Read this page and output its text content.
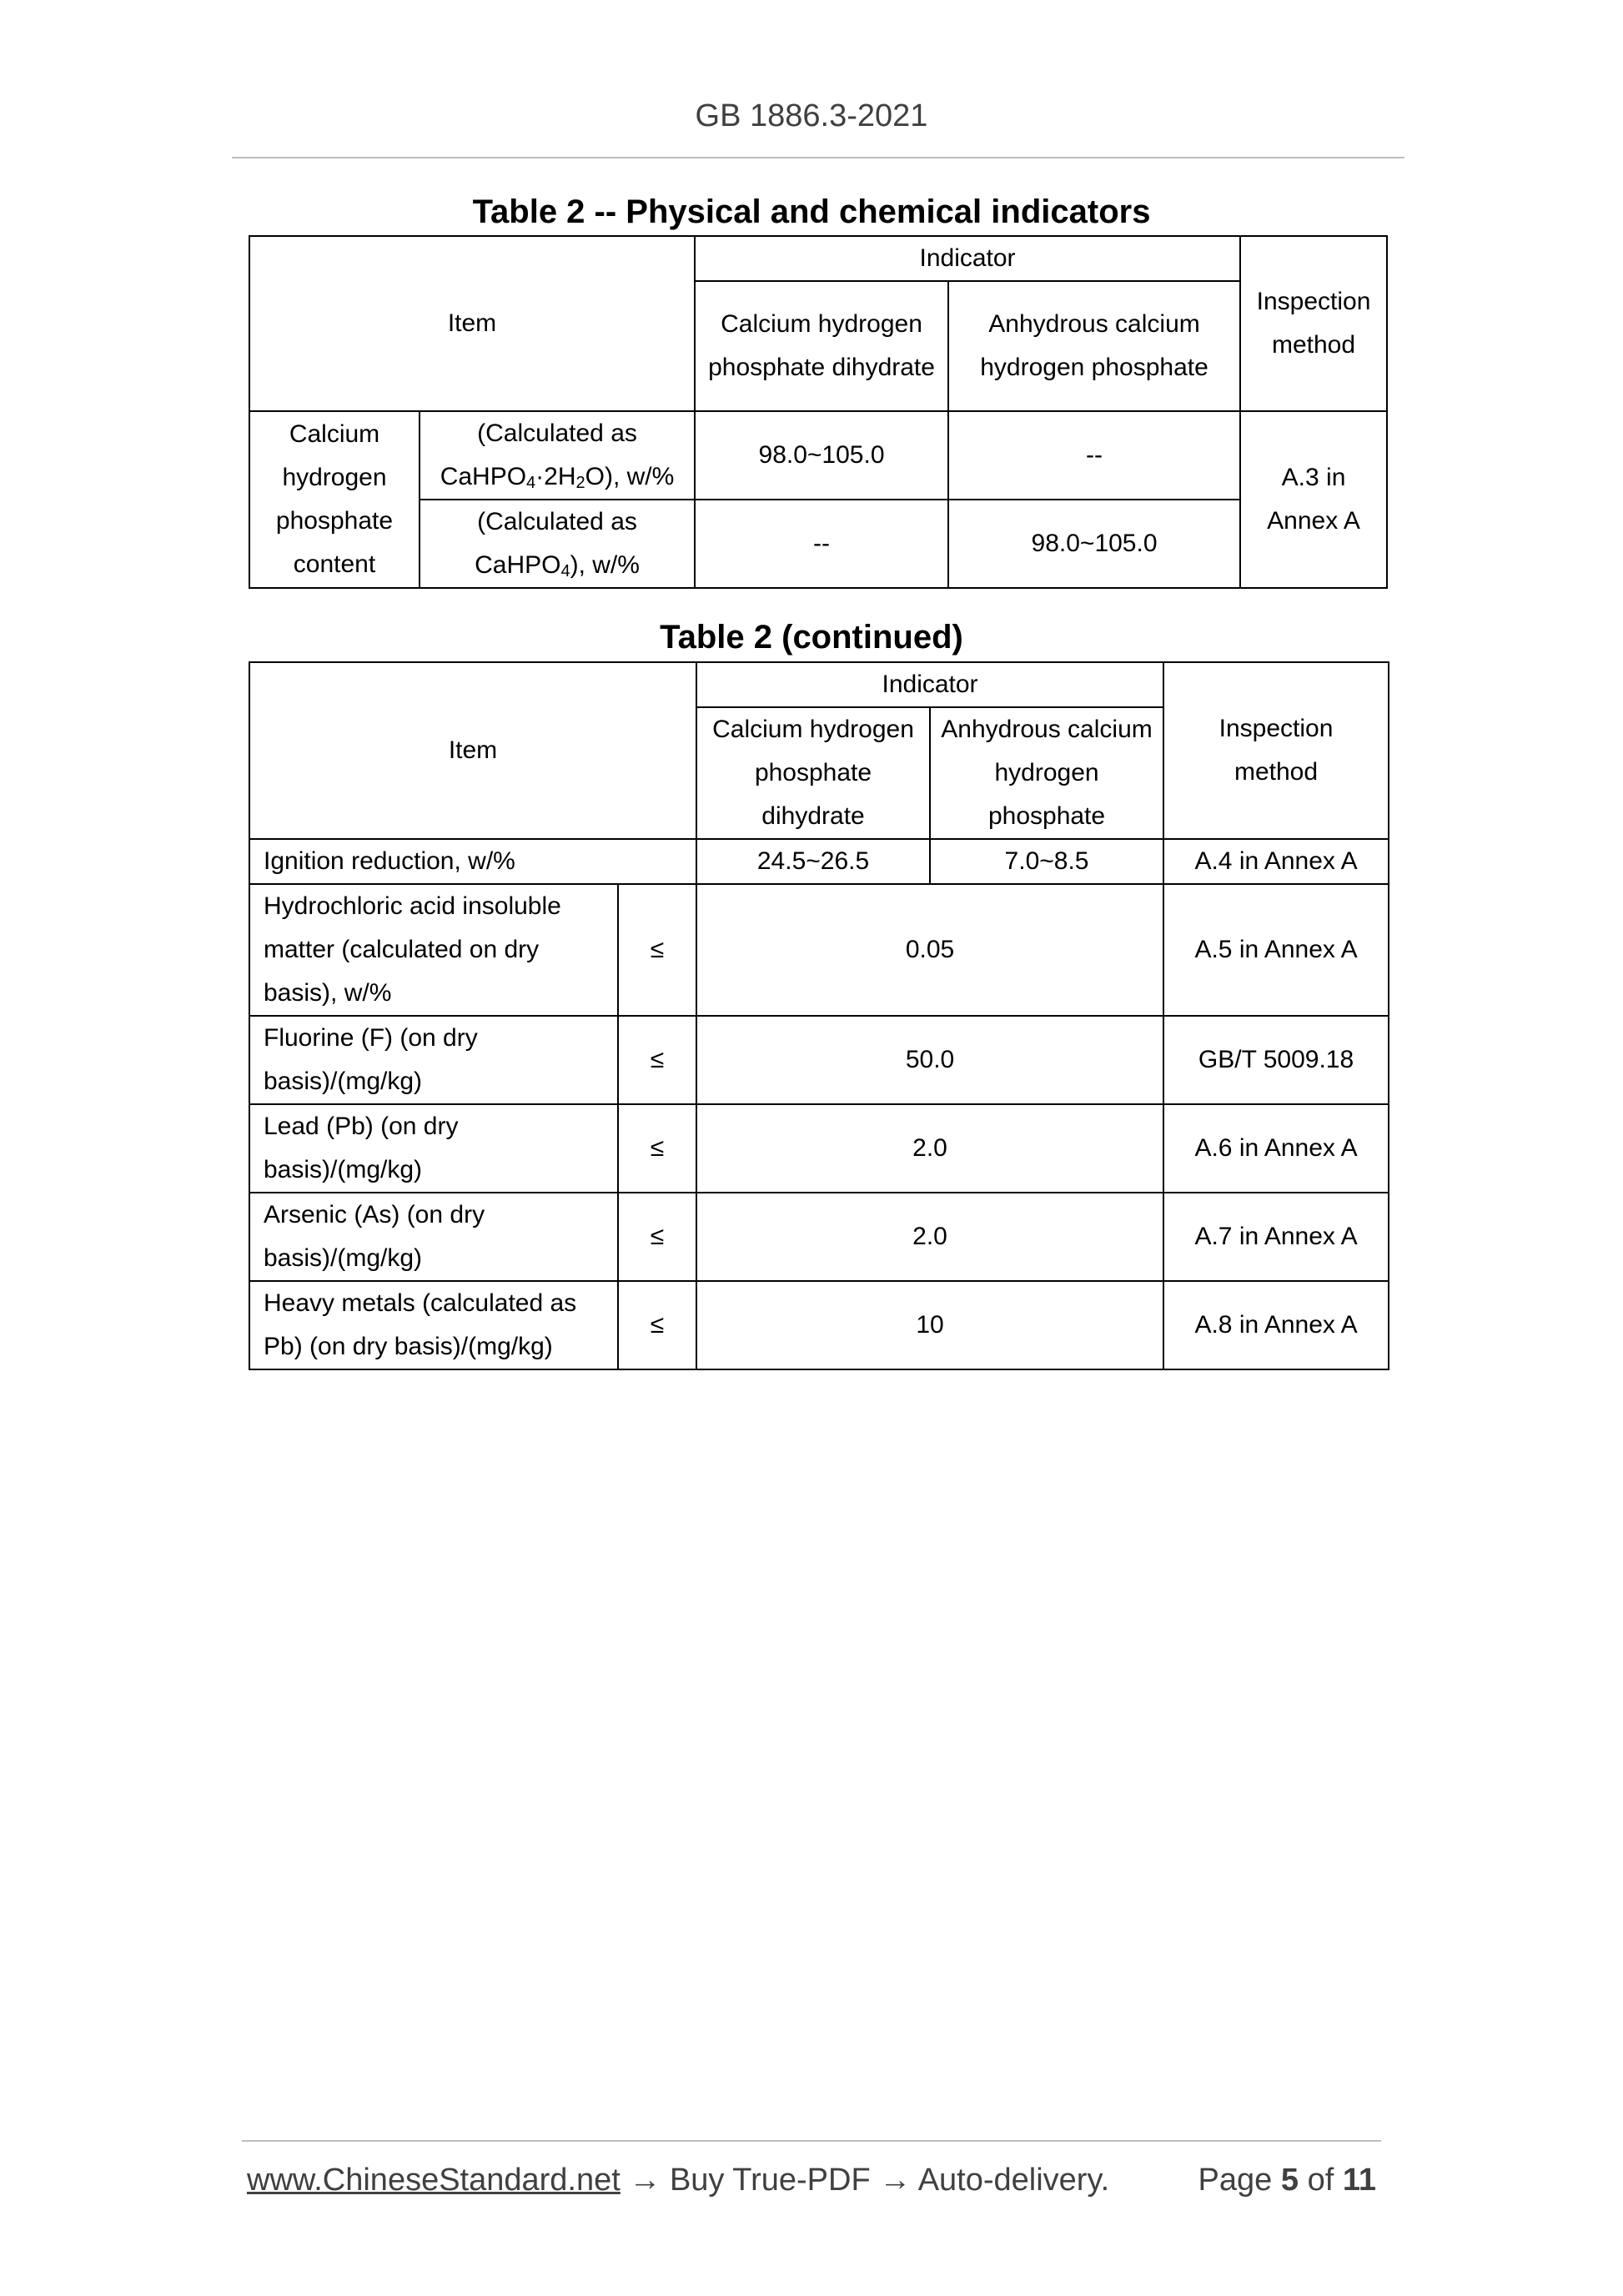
GB 1886.3-2021
Table 2 -- Physical and chemical indicators
Item		Indicator		Inspection method
		Calcium hydrogen phosphate dihydrate	Anhydrous calcium hydrogen phosphate	
Calcium hydrogen phosphate content	(Calculated as $CaHPO_4\cdot 2H_2O$), w/%	98.0~105.0	--	A.3 in Annex A
	(Calculated as CaHPO$_4$), w/%	--	98.0~105.0	
Table 2 (continued)
Item		Indicator		Inspection method
		Calcium hydrogen phosphate dihydrate	Anhydrous calcium hydrogen phosphate	
Ignition reduction, w/%		24.5~26.5	7.0~8.5	A.4 in Annex A
Hydrochloric acid insoluble matter (calculated on dry basis), w/%	≤	0.05		A.5 in Annex A
Fluorine (F) (on dry basis)/(mg/kg)	≤	50.0		GB/T 5009.18
Lead (Pb) (on dry basis)/(mg/kg)	≤	2.0		A.6 in Annex A
Arsenic (As) (on dry basis)/(mg/kg)	≤	2.0		A.7 in Annex A
Heavy metals (calculated as Pb) (on dry basis)/(mg/kg)	≤	10		A.8 in Annex A
www.ChineseStandard.net → Buy True-PDF → Auto-delivery.	Page 5 of 11
